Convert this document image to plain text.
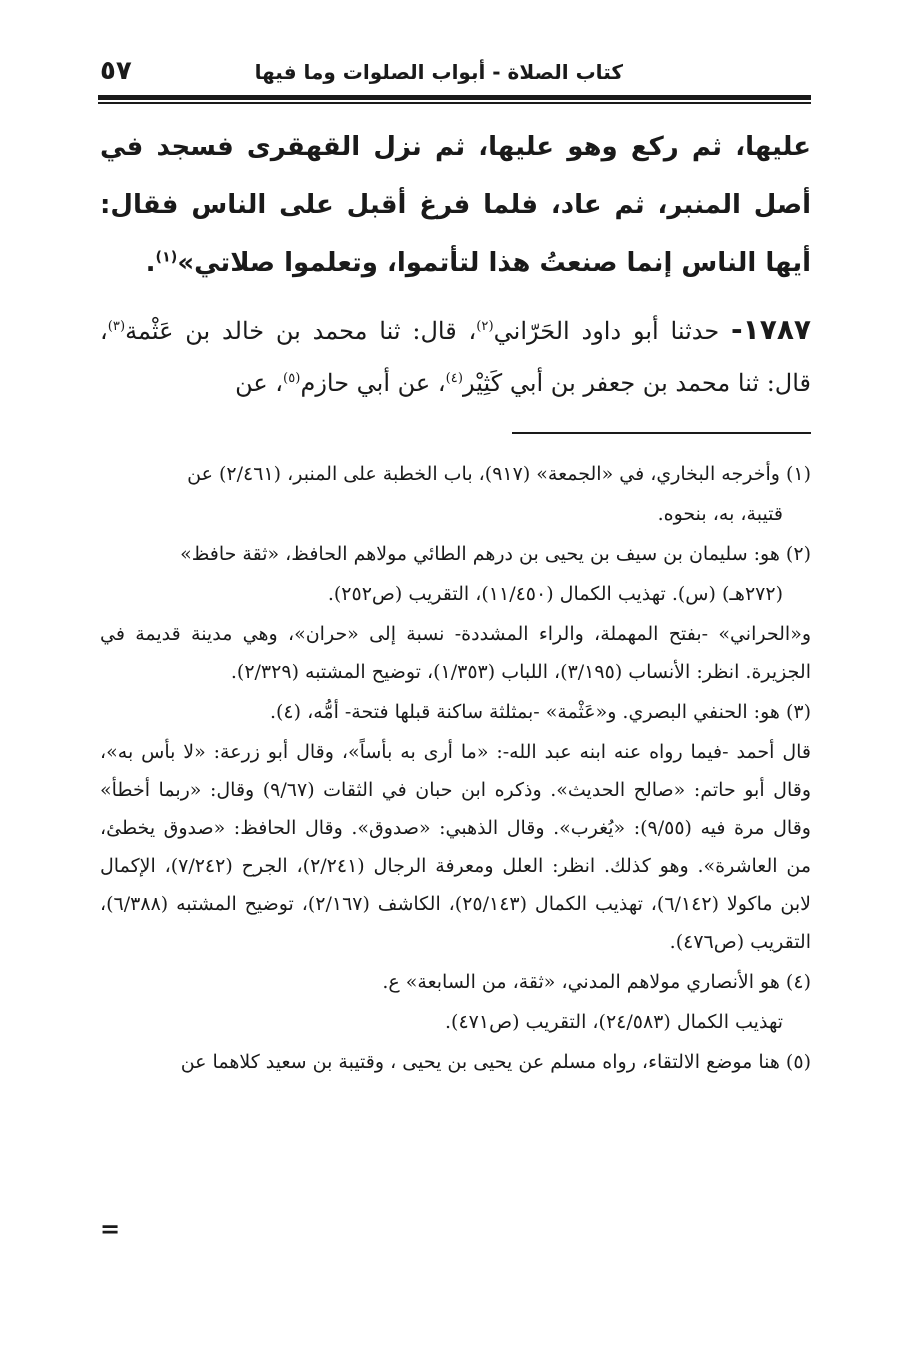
كتاب الصلاة - أبواب الصلوات وما فيها
٥٧

عليها، ثم ركع وهو عليها، ثم نزل القهقرى فسجد في أصل المنبر، ثم عاد، فلما فرغ أقبل على الناس فقال: أيها الناس إنما صنعتُ هذا لتأتموا، وتعلموا صلاتي»$^{(١)}$.

١٧٨٧- حدثنا أبو داود الحَرّاني$^{(٢)}$، قال: ثنا محمد بن خالد بن عَثْمة$^{(٣)}$، قال: ثنا محمد بن جعفر بن أبي كَثِيْر$^{(٤)}$، عن أبي حازم$^{(٥)}$، عن

(١) وأخرجه البخاري، في «الجمعة» (٩١٧)، باب الخطبة على المنبر، (٢/٤٦١) عن

قتيبة، به، بنحوه.

(٢) هو: سليمان بن سيف بن يحيى بن درهم الطائي مولاهم الحافظ، «ثقة حافظ»

(٢٧٢هـ) (س). تهذيب الكمال (١١/٤٥٠)، التقريب (ص٢٥٢).

و«الحراني» -بفتح المهملة، والراء المشددة- نسبة إلى «حران»، وهي مدينة قديمة في الجزيرة. انظر: الأنساب (٣/١٩٥)، اللباب (١/٣٥٣)، توضيح المشتبه (٢/٣٢٩).

(٣) هو: الحنفي البصري. و«عَثْمة» -بمثلثة ساكنة قبلها فتحة- أمُّه، (٤).

قال أحمد -فيما رواه عنه ابنه عبد الله-: «ما أرى به بأساً»، وقال أبو زرعة: «لا بأس به»، وقال أبو حاتم: «صالح الحديث». وذكره ابن حبان في الثقات (٩/٦٧) وقال: «ربما أخطأ» وقال مرة فيه (٩/٥٥): «يُغرب». وقال الذهبي: «صدوق». وقال الحافظ: «صدوق يخطئ، من العاشرة». وهو كذلك. انظر: العلل ومعرفة الرجال (٢/٢٤١)، الجرح (٧/٢٤٢)، الإكمال لابن ماكولا (٦/١٤٢)، تهذيب الكمال (٢٥/١٤٣)، الكاشف (٢/١٦٧)، توضيح المشتبه (٦/٣٨٨)، التقريب (ص٤٧٦).

(٤) هو الأنصاري مولاهم المدني، «ثقة، من السابعة» ع.

تهذيب الكمال (٢٤/٥٨٣)، التقريب (ص٤٧١).

(٥) هنا موضع الالتقاء، رواه مسلم عن يحيى بن يحيى ، وقتيبة بن سعيد كلاهما عن

=
